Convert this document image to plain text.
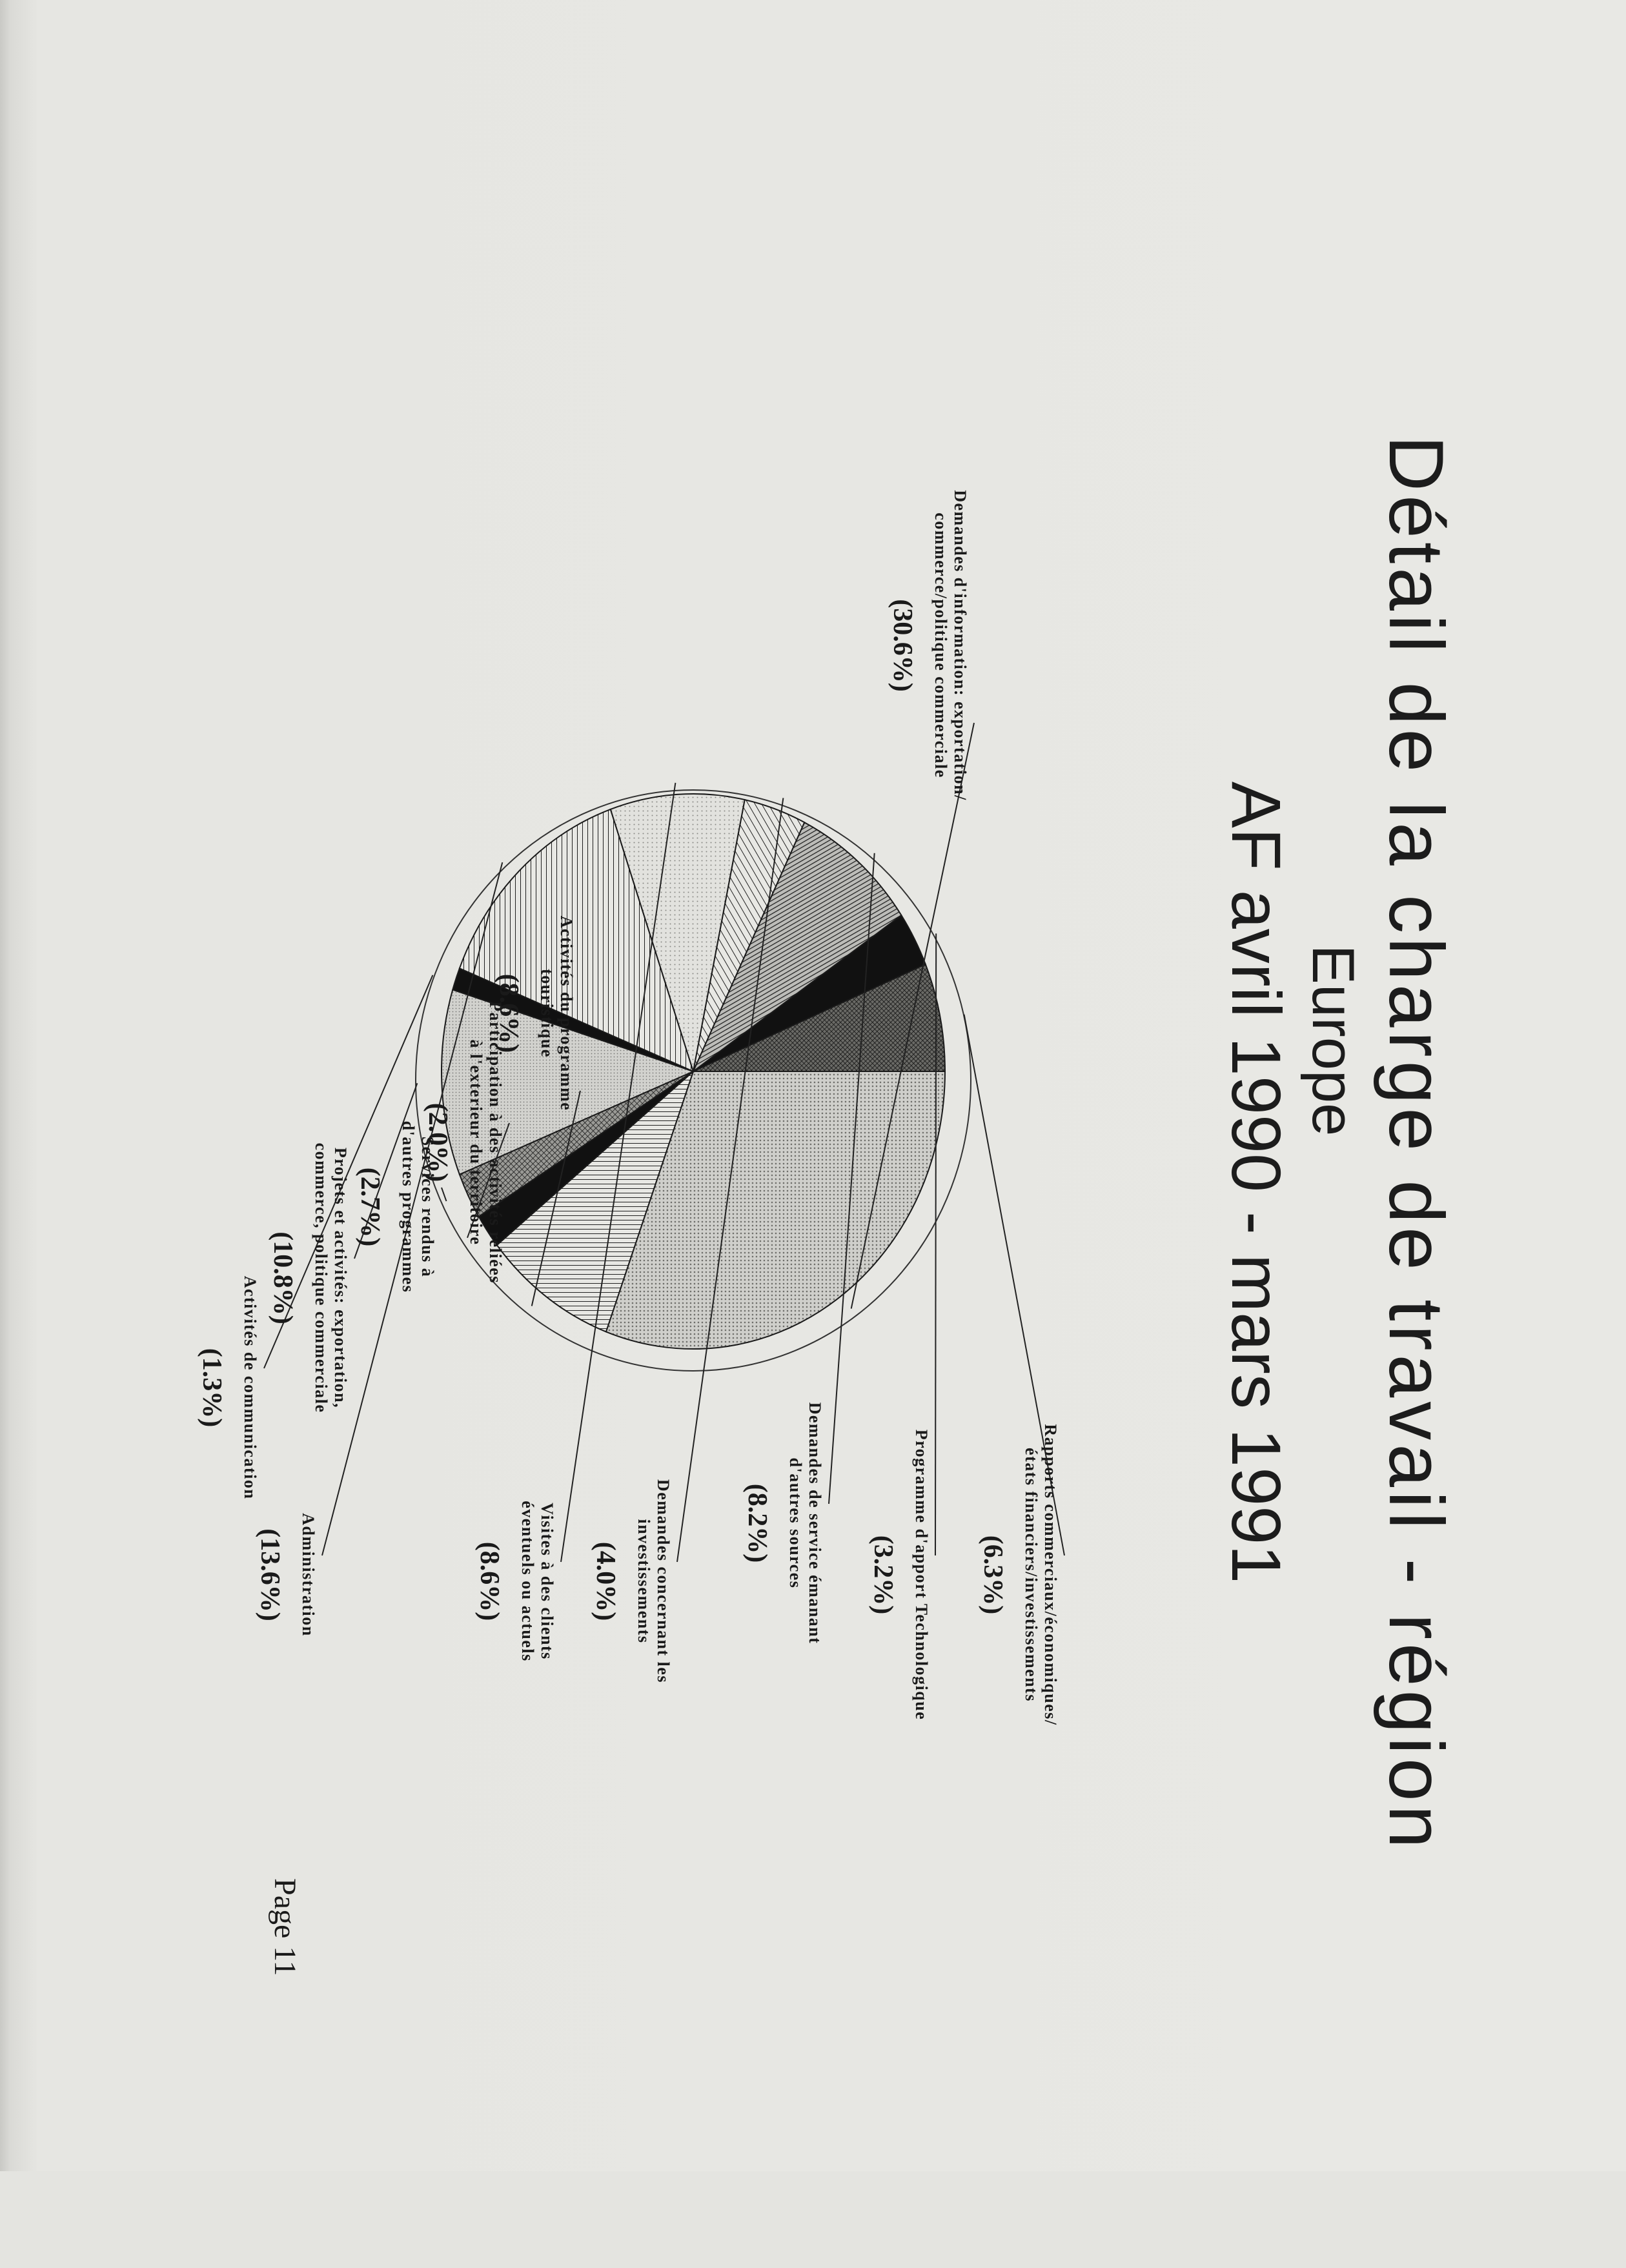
Détail de la charge de travail - région
Europe
AF avril 1990 - mars 1991
Demandes d'information: exportation/
commerce/politique commerciale
(30.6%)
Activités du programme
touristique
(8.6%)
Participation à des activités reliées
à l'exterieur du territoire
(2.0%)
Services rendus à
d'autres programmes
(2.7%)
Projets et activités: exportation,
commerce, politique commerciale
(10.8%)
Activités de communication
(1.3%)
Administration
(13.6%)	Visites à des clients
éventuels ou actuels
(8.6%)	Demandes concernant les
investissements
(4.0%)	Demandes de service émanant
d'autres sources
(8.2%)	Programme d'apport Technologique
(3.2%)	Rapports commerciaux/économiques/
états financiers/investissements
(6.3%)
Page 11
